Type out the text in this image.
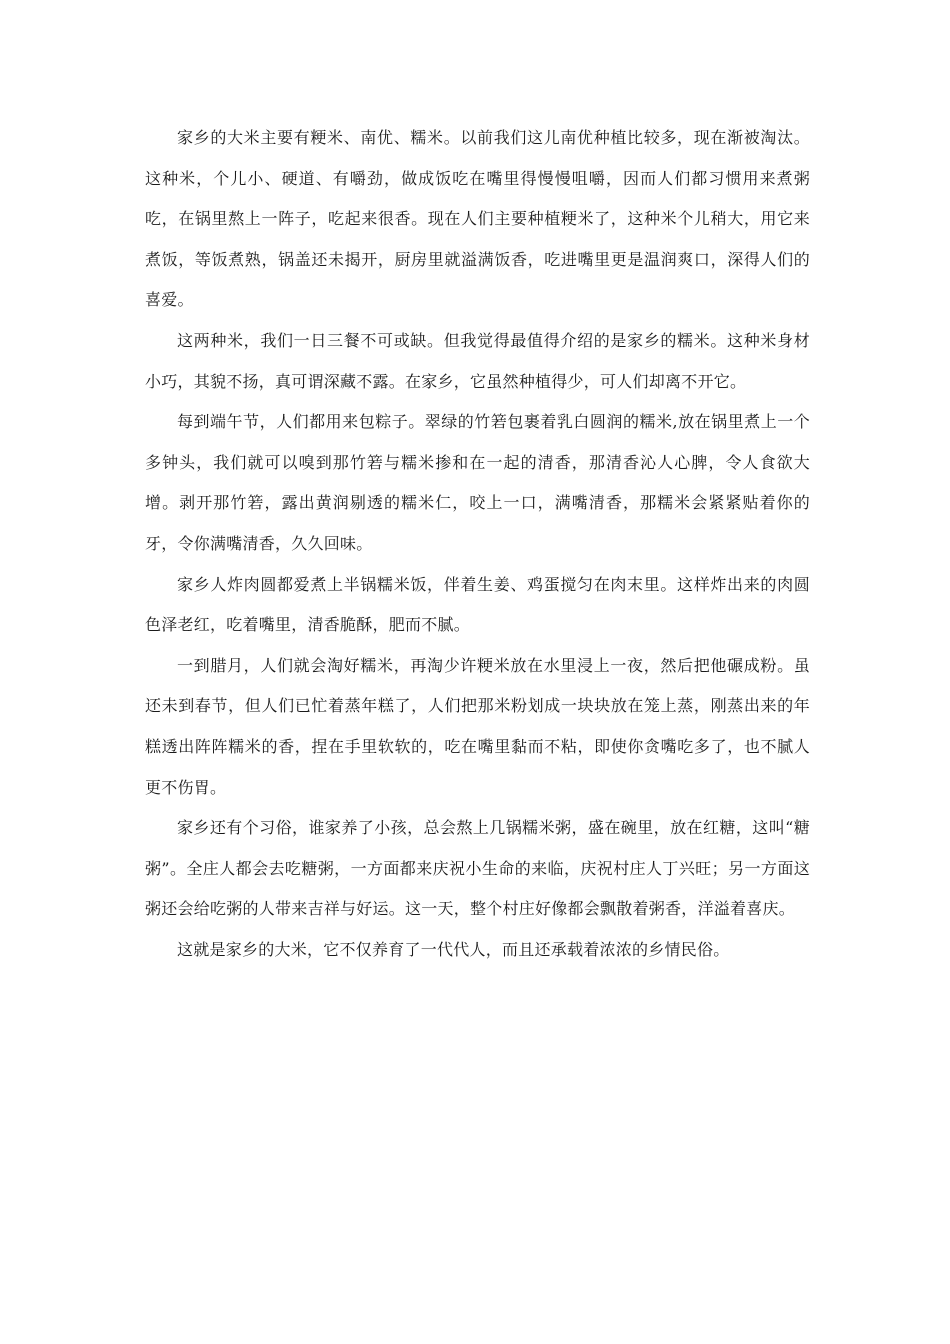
家乡的大米主要有粳米、南优、糯米。以前我们这儿南优种植比较多，现在渐被淘汰。这种米，个儿小、硬道、有嚼劲，做成饭吃在嘴里得慢慢咀嚼，因而人们都习惯用来煮粥吃，在锅里熬上一阵子，吃起来很香。现在人们主要种植粳米了，这种米个儿稍大，用它来煮饭，等饭煮熟，锅盖还未揭开，厨房里就溢满饭香，吃进嘴里更是温润爽口，深得人们的喜爱。

这两种米，我们一日三餐不可或缺。但我觉得最值得介绍的是家乡的糯米。这种米身材小巧，其貌不扬，真可谓深藏不露。在家乡，它虽然种植得少，可人们却离不开它。

每到端午节，人们都用来包粽子。翠绿的竹箬包裹着乳白圆润的糯米,放在锅里煮上一个多钟头，我们就可以嗅到那竹箬与糯米掺和在一起的清香，那清香沁人心脾，令人食欲大增。剥开那竹箬，露出黄润剔透的糯米仁，咬上一口，满嘴清香，那糯米会紧紧贴着你的牙，令你满嘴清香，久久回味。

家乡人炸肉圆都爱煮上半锅糯米饭，伴着生姜、鸡蛋搅匀在肉末里。这样炸出来的肉圆色泽老红，吃着嘴里，清香脆酥，肥而不腻。

一到腊月，人们就会淘好糯米，再淘少许粳米放在水里浸上一夜，然后把他碾成粉。虽还未到春节，但人们已忙着蒸年糕了，人们把那米粉划成一块块放在笼上蒸，刚蒸出来的年糕透出阵阵糯米的香，捏在手里软软的，吃在嘴里黏而不粘，即使你贪嘴吃多了，也不腻人更不伤胃。

家乡还有个习俗，谁家养了小孩，总会熬上几锅糯米粥，盛在碗里，放在红糖，这叫“糖粥”。全庄人都会去吃糖粥，一方面都来庆祝小生命的来临，庆祝村庄人丁兴旺；另一方面这粥还会给吃粥的人带来吉祥与好运。这一天，整个村庄好像都会飘散着粥香，洋溢着喜庆。

这就是家乡的大米，它不仅养育了一代代人，而且还承载着浓浓的乡情民俗。
